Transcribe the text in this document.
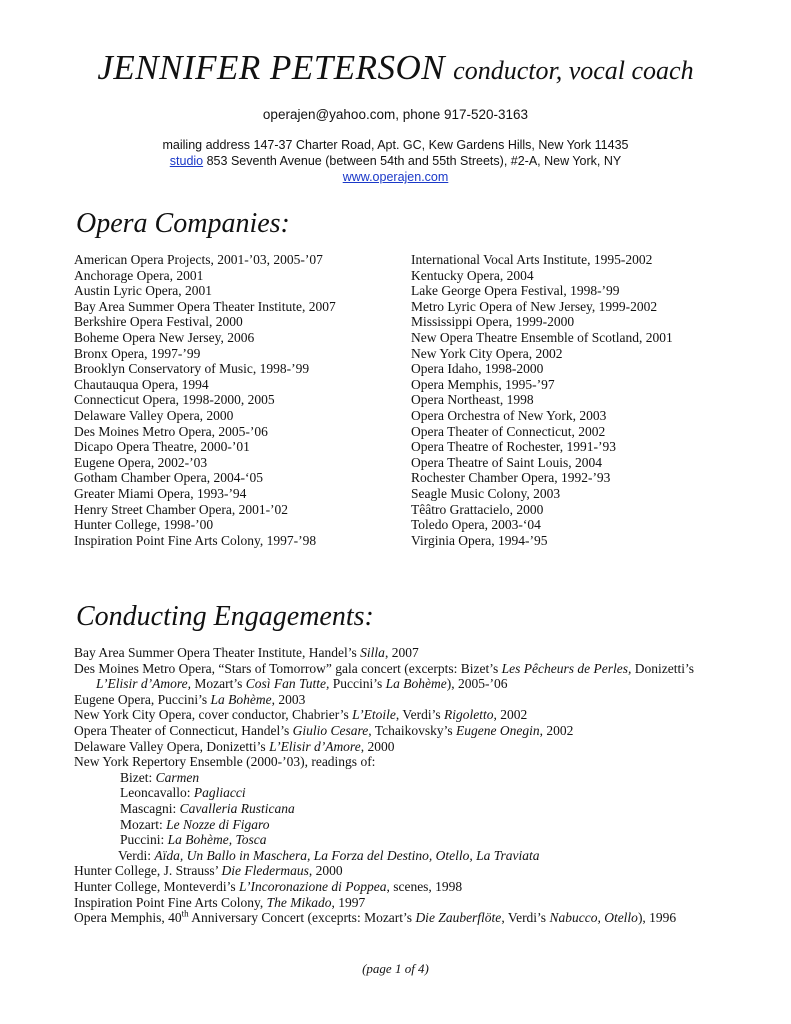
JENNIFER PETERSON conductor, vocal coach
operajen@yahoo.com, phone 917-520-3163
mailing address 147-37 Charter Road, Apt. GC, Kew Gardens Hills, New York 11435
studio 853 Seventh Avenue (between 54th and 55th Streets), #2-A, New York, NY
www.operajen.com
Opera Companies:
American Opera Projects, 2001-’03, 2005-’07
Anchorage Opera, 2001
Austin Lyric Opera, 2001
Bay Area Summer Opera Theater Institute, 2007
Berkshire Opera Festival, 2000
Boheme Opera New Jersey, 2006
Bronx Opera, 1997-’99
Brooklyn Conservatory of Music, 1998-’99
Chautauqua Opera, 1994
Connecticut Opera, 1998-2000, 2005
Delaware Valley Opera, 2000
Des Moines Metro Opera, 2005-’06
Dicapo Opera Theatre, 2000-’01
Eugene Opera, 2002-’03
Gotham Chamber Opera, 2004-‘05
Greater Miami Opera, 1993-’94
Henry Street Chamber Opera, 2001-’02
Hunter College, 1998-’00
Inspiration Point Fine Arts Colony, 1997-’98
International Vocal Arts Institute, 1995-2002
Kentucky Opera, 2004
Lake George Opera Festival, 1998-’99
Metro Lyric Opera of New Jersey, 1999-2002
Mississippi Opera, 1999-2000
New Opera Theatre Ensemble of Scotland, 2001
New York City Opera, 2002
Opera Idaho, 1998-2000
Opera Memphis, 1995-’97
Opera Northeast, 1998
Opera Orchestra of New York, 2003
Opera Theater of Connecticut, 2002
Opera Theatre of Rochester, 1991-’93
Opera Theatre of Saint Louis, 2004
Rochester Chamber Opera, 1992-’93
Seagle Music Colony, 2003
Têâtro Grattacielo, 2000
Toledo Opera, 2003-‘04
Virginia Opera, 1994-’95
Conducting Engagements:
Bay Area Summer Opera Theater Institute, Handel’s Silla, 2007
Des Moines Metro Opera, “Stars of Tomorrow” gala concert (excerpts: Bizet’s Les Pêcheurs de Perles, Donizetti’s
L’Elisir d’Amore, Mozart’s Così Fan Tutte, Puccini’s La Bohème), 2005-’06
Eugene Opera, Puccini’s La Bohème, 2003
New York City Opera, cover conductor, Chabrier’s L’Etoile, Verdi’s Rigoletto, 2002
Opera Theater of Connecticut, Handel’s Giulio Cesare, Tchaikovsky’s Eugene Onegin, 2002
Delaware Valley Opera, Donizetti’s L’Elisir d’Amore, 2000
New York Repertory Ensemble (2000-’03), readings of:
Bizet: Carmen
Leoncavallo: Pagliacci
Mascagni: Cavalleria Rusticana
Mozart: Le Nozze di Figaro
Puccini: La Bohème, Tosca
Verdi: Aïda, Un Ballo in Maschera, La Forza del Destino, Otello, La Traviata
Hunter College, J. Strauss’ Die Fledermaus, 2000
Hunter College, Monteverdi’s L’Incoronazione di Poppea, scenes, 1998
Inspiration Point Fine Arts Colony, The Mikado, 1997
Opera Memphis, 40th Anniversary Concert (exceprts: Mozart’s Die Zauberflöte, Verdi’s Nabucco, Otello), 1996
(page 1 of 4)
